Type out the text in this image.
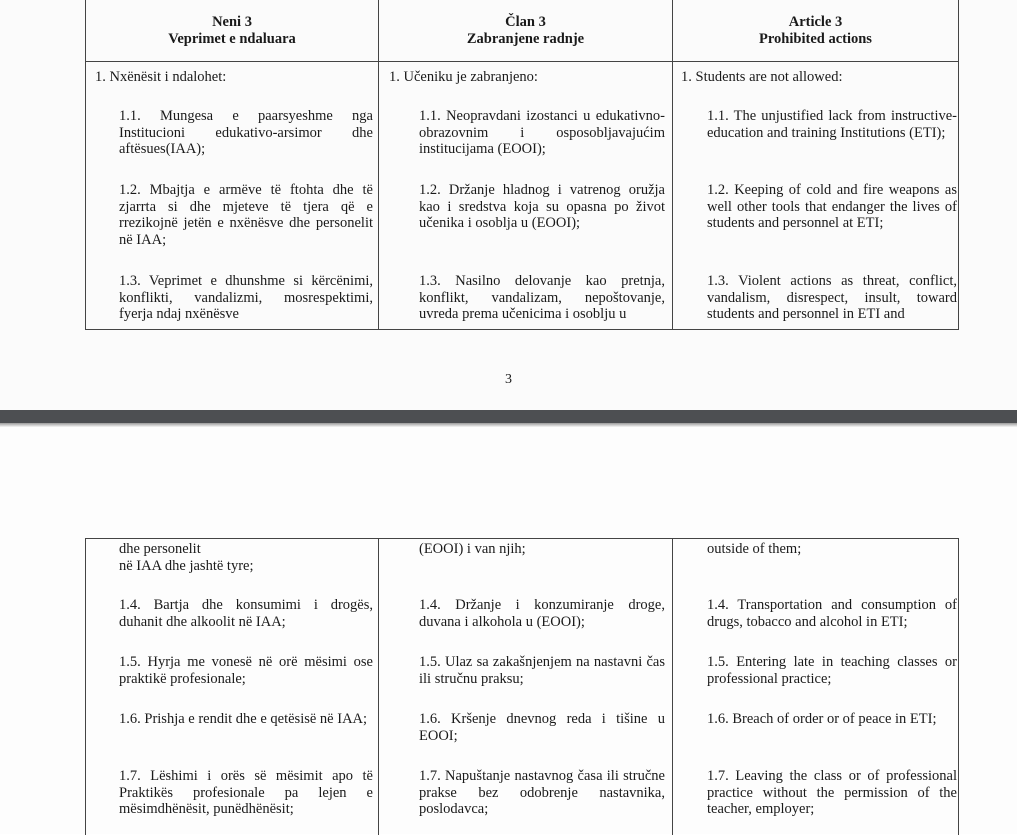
Neni 3
Veprimet e ndaluara
Član 3
Zabranjene radnje
Article 3
Prohibited actions
1. Nxënësit i ndalohet:
1.1. Mungesa e paarsyeshme nga Institucioni edukativo-arsimor dhe aftësues(IAA);
1.2. Mbajtja e armëve të ftohta dhe të zjarrta si dhe mjeteve të tjera që e rrezikojnë jetën e nxënësve dhe personelit në IAA;
1.3. Veprimet e dhunshme si kërcënimi, konflikti, vandalizmi, mosrespektimi, fyerja ndaj nxënësve
1. Učeniku je zabranjeno:
1.1. Neopravdani izostanci u edukativno-obrazovnim i osposobljavajućim institucijama (EOOI);
1.2. Držanje hladnog i vatrenog oružja kao i sredstva koja su opasna po život učenika i osoblja u (EOOI);
1.3. Nasilno delovanje kao pretnja, konflikt, vandalizam, nepoštovanje, uvreda prema učenicima i osoblju u
1. Students are not allowed:
1.1. The unjustified lack from instructive-education and training Institutions (ETI);
1.2. Keeping of cold and fire weapons as well other tools that endanger the lives of students and personnel at ETI;
1.3. Violent actions as threat, conflict, vandalism, disrespect, insult, toward students and personnel in ETI and
3
dhe personelit
në IAA dhe jashtë tyre;
1.4. Bartja dhe konsumimi i drogës, duhanit dhe alkoolit në IAA;
1.5. Hyrja me vonesë në orë mësimi ose praktikë profesionale;
1.6. Prishja e rendit dhe e qetësisë në IAA;
1.7. Lëshimi i orës së mësimit apo të Praktikës profesionale pa lejen e mësimdhënësit, punëdhënësit;
(EOOI) i van njih;
1.4. Držanje i konzumiranje droge, duvana i alkohola u (EOOI);
1.5. Ulaz sa zakašnjenjem na nastavni čas ili stručnu praksu;
1.6. Kršenje dnevnog reda i tišine u EOOI;
1.7. Napuštanje nastavnog časa ili stručne prakse bez odobrenje nastavnika, poslodavca;
outside of them;
1.4. Transportation and consumption of drugs, tobacco and alcohol in ETI;
1.5. Entering late in teaching classes or professional practice;
1.6. Breach of order or of peace in ETI;
1.7. Leaving the class or of professional practice without the permission of the teacher, employer;
